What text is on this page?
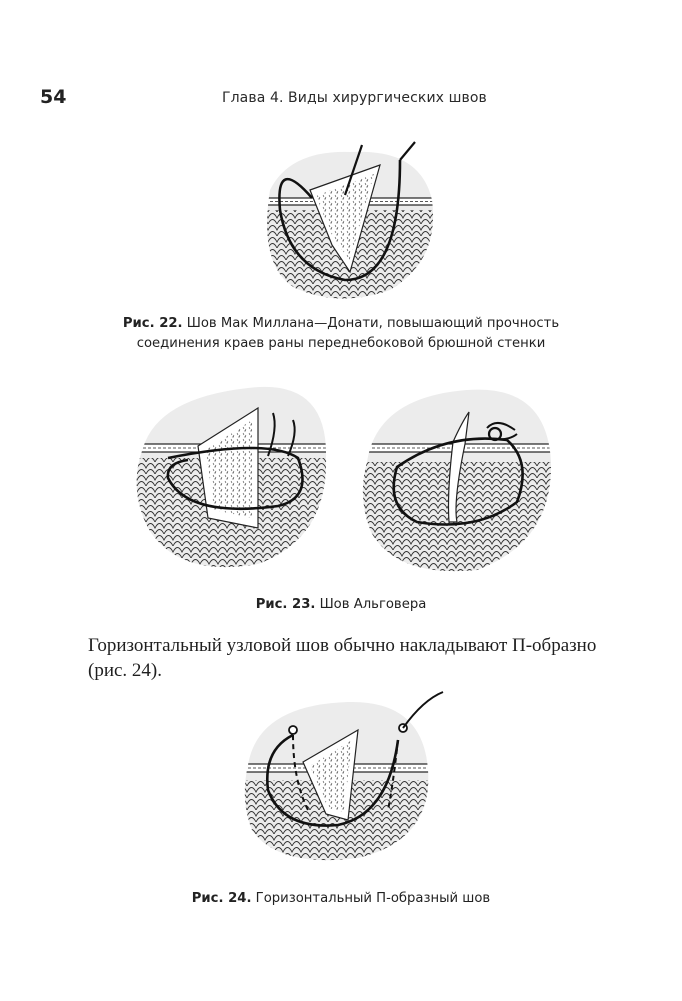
54	Глава 4. Виды хирургических швов
Рис. 22. Шов Мак Миллана—Донати, повышающий прочность
соединения краев раны переднебоковой брюшной стенки
Рис. 23. Шов Альговера
Горизонтальный узловой шов обычно накладывают П-образно (рис. 24).
Рис. 24. Горизонтальный П-образный шов
